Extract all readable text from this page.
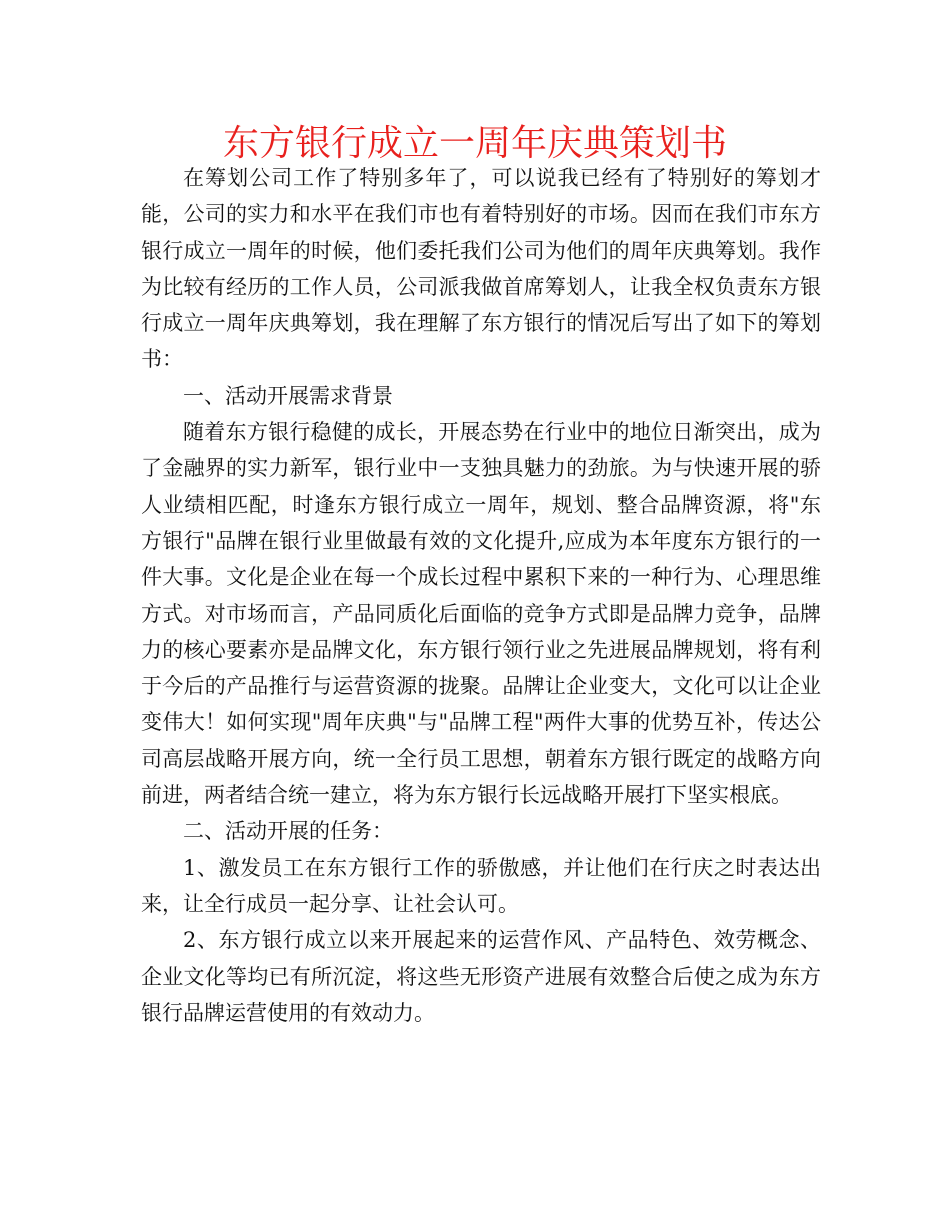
东方银行成立一周年庆典策划书

在筹划公司工作了特别多年了，可以说我已经有了特别好的筹划才能，公司的实力和水平在我们市也有着特别好的市场。因而在我们市东方银行成立一周年的时候，他们委托我们公司为他们的周年庆典筹划。我作为比较有经历的工作人员，公司派我做首席筹划人，让我全权负责东方银行成立一周年庆典筹划，我在理解了东方银行的情况后写出了如下的筹划书：

一、活动开展需求背景

随着东方银行稳健的成长，开展态势在行业中的地位日渐突出，成为了金融界的实力新军，银行业中一支独具魅力的劲旅。为与快速开展的骄人业绩相匹配，时逢东方银行成立一周年，规划、整合品牌资源，将"东方银行"品牌在银行业里做最有效的文化提升,应成为本年度东方银行的一件大事。文化是企业在每一个成长过程中累积下来的一种行为、心理思维方式。对市场而言，产品同质化后面临的竞争方式即是品牌力竞争，品牌力的核心要素亦是品牌文化，东方银行领行业之先进展品牌规划，将有利于今后的产品推行与运营资源的拢聚。品牌让企业变大，文化可以让企业变伟大！如何实现"周年庆典"与"品牌工程"两件大事的优势互补，传达公司高层战略开展方向，统一全行员工思想，朝着东方银行既定的战略方向前进，两者结合统一建立，将为东方银行长远战略开展打下坚实根底。

二、活动开展的任务：

1、激发员工在东方银行工作的骄傲感，并让他们在行庆之时表达出来，让全行成员一起分享、让社会认可。

2、东方银行成立以来开展起来的运营作风、产品特色、效劳概念、企业文化等均已有所沉淀，将这些无形资产进展有效整合后使之成为东方银行品牌运营使用的有效动力。
